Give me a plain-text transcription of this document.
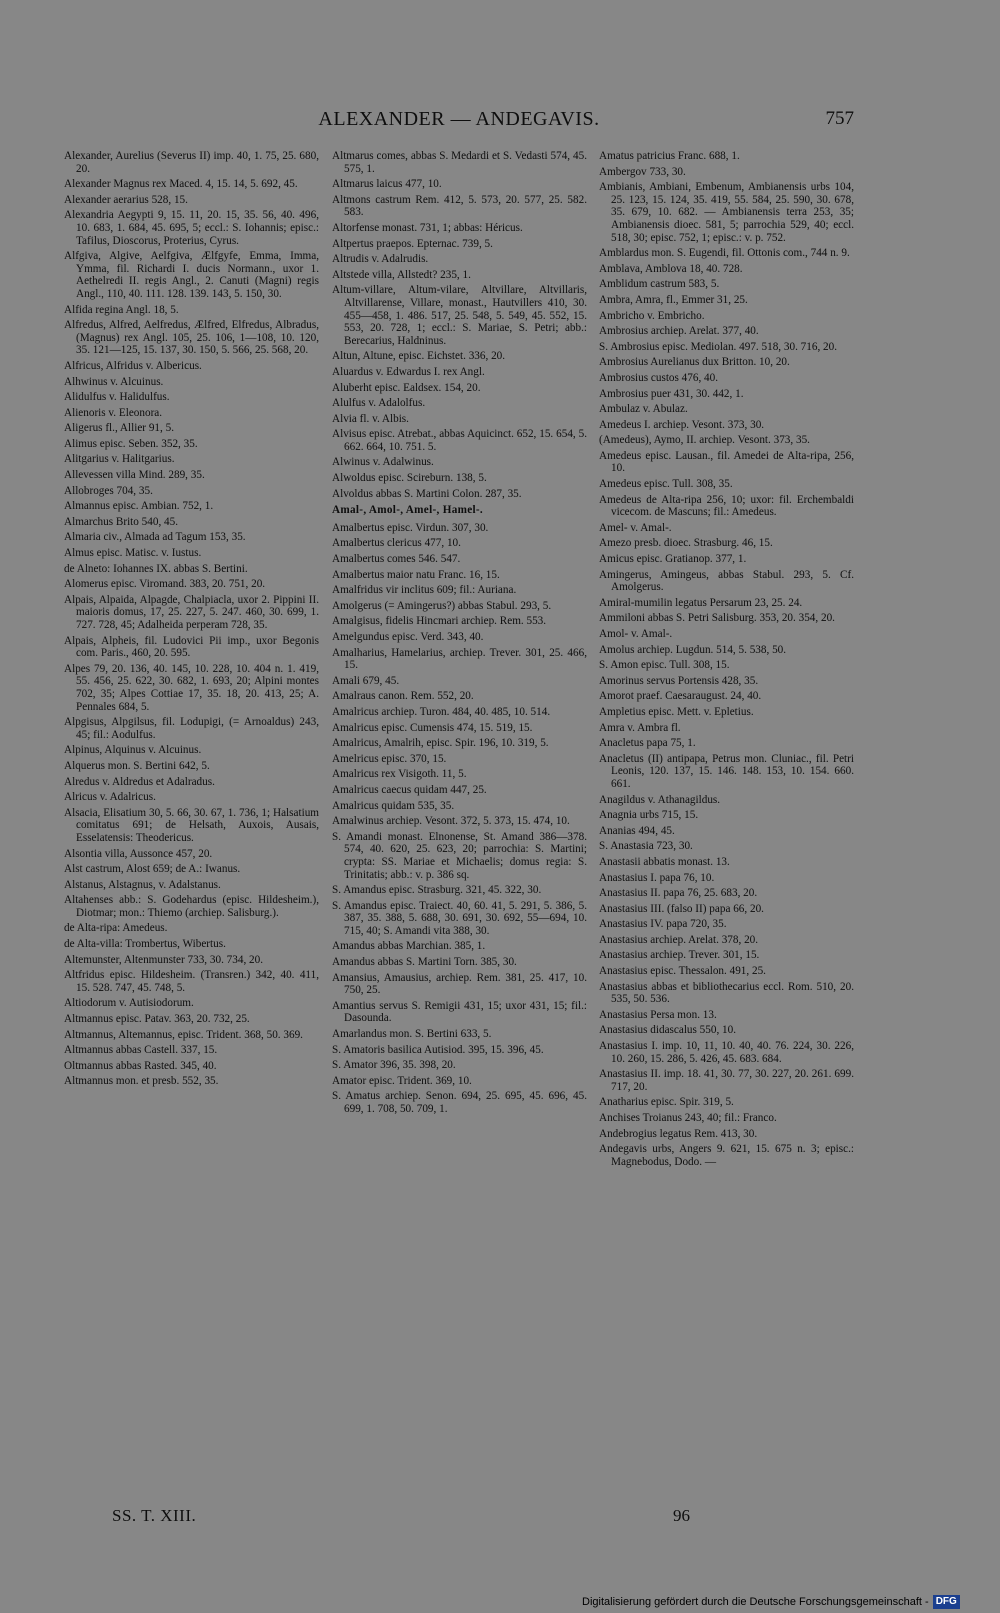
ALEXANDER — ANDEGAVIS.	757
Alexander, Aurelius (Severus II) imp. 40, 1. 75, 25. 680, 20.
Alexander Magnus rex Maced. 4, 15. 14, 5. 692, 45.
Alexander aerarius 528, 15.
Alexandria Aegypti 9, 15. 11, 20. 15, 35. 56, 40. 496, 10. 683, 1. 684, 45. 695, 5; eccl.: S. Iohannis; episc.: Tafilus, Dioscorus, Proterius, Cyrus.
Alfgiva, Algive, Aelfgiva, Ælfgyfe, Emma, Imma, Ymma, fil. Richardi I. ducis Normann., uxor 1. Aethelredi II. regis Angl., 2. Canuti (Magni) regis Angl., 110, 40. 111. 128. 139. 143, 5. 150, 30.
Alfida regina Angl. 18, 5.
Alfredus, Alfred, Aelfredus, Ælfred, Elfredus, Albradus, (Magnus) rex Angl. 105, 25. 106, 1—108, 10. 120, 35. 121—125, 15. 137, 30. 150, 5. 566, 25. 568, 20.
Alfricus, Alfridus v. Albericus.
Alhwinus v. Alcuinus.
Alidulfus v. Halidulfus.
Alienoris v. Eleonora.
Aligerus fl., Allier 91, 5.
Alimus episc. Seben. 352, 35.
Alitgarius v. Halitgarius.
Allevessen villa Mind. 289, 35.
Allobroges 704, 35.
Almannus episc. Ambian. 752, 1.
Almarchus Brito 540, 45.
Almaria civ., Almada ad Tagum 153, 35.
Almus episc. Matisc. v. Iustus.
de Alneto: Iohannes IX. abbas S. Bertini.
Alomerus episc. Viromand. 383, 20. 751, 20.
Alpais, Alpaida, Alpagde, Chalpiacla, uxor 2. Pippini II. maioris domus, 17, 25. 227, 5. 247. 460, 30. 699, 1. 727. 728, 45; Adalheida perperam 728, 35.
Alpais, Alpheis, fil. Ludovici Pii imp., uxor Begonis com. Paris., 460, 20. 595.
Alpes 79, 20. 136, 40. 145, 10. 228, 10. 404 n. 1. 419, 55. 456, 25. 622, 30. 682, 1. 693, 20; Alpini montes 702, 35; Alpes Cottiae 17, 35. 18, 20. 413, 25; A. Pennales 684, 5.
Alpgisus, Alpgilsus, fil. Lodupigi, (= Arnoaldus) 243, 45; fil.: Aodulfus.
Alpinus, Alquinus v. Alcuinus.
Alquerus mon. S. Bertini 642, 5.
Alredus v. Aldredus et Adalradus.
Alricus v. Adalricus.
Alsacia, Elisatium 30, 5. 66, 30. 67, 1. 736, 1; Halsatium comitatus 691; de Helsath, Auxois, Ausais, Esselatensis: Theodericus.
Alsontia villa, Aussonce 457, 20.
Alst castrum, Alost 659; de A.: Iwanus.
Alstanus, Alstagnus, v. Adalstanus.
Altahenses abb.: S. Godehardus (episc. Hildesheim.), Diotmar; mon.: Thiemo (archiep. Salisburg.).
de Alta-ripa: Amedeus.
de Alta-villa: Trombertus, Wibertus.
Altemunster, Altenmunster 733, 30. 734, 20.
Altfridus episc. Hildesheim. (Transren.) 342, 40. 411, 15. 528. 747, 45. 748, 5.
Altiodorum v. Autisiodorum.
Altmannus episc. Patav. 363, 20. 732, 25.
Altmannus, Altemannus, episc. Trident. 368, 50. 369.
Altmannus abbas Castell. 337, 15.
Oltmannus abbas Rasted. 345, 40.
Altmannus mon. et presb. 552, 35.
Altmarus comes, abbas S. Medardi et S. Vedasti 574, 45. 575, 1.
Altmarus laicus 477, 10.
Altmons castrum Rem. 412, 5. 573, 20. 577, 25. 582. 583.
Altorfense monast. 731, 1; abbas: Héricus.
Altpertus praepos. Epternac. 739, 5.
Altrudis v. Adalrudis.
Altstede villa, Allstedt? 235, 1.
Altum-villare, Altum-vilare, Altvillare, Altvillaris, Altvillarense, Villare, monast., Hautvillers 410, 30. 455—458, 1. 486. 517, 25. 548, 5. 549, 45. 552, 15. 553, 20. 728, 1; eccl.: S. Mariae, S. Petri; abb.: Berecarius, Haldninus.
Altun, Altune, episc. Eichstet. 336, 20.
Aluardus v. Edwardus I. rex Angl.
Aluberht episc. Ealdsex. 154, 20.
Alulfus v. Adalolfus.
Alvia fl. v. Albis.
Alvisus episc. Atrebat., abbas Aquicinct. 652, 15. 654, 5. 662. 664, 10. 751. 5.
Alwinus v. Adalwinus.
Alwoldus episc. Scireburn. 138, 5.
Alvoldus abbas S. Martini Colon. 287, 35.
Amal-, Amol-, Amel-, Hamel-.
Amalbertus episc. Virdun. 307, 30.
Amalbertus clericus 477, 10.
Amalbertus comes 546. 547.
Amalbertus maior natu Franc. 16, 15.
Amalfridus vir inclitus 609; fil.: Auriana.
Amolgerus (= Amingerus?) abbas Stabul. 293, 5.
Amalgisus, fidelis Hincmari archiep. Rem. 553.
Amelgundus episc. Verd. 343, 40.
Amalharius, Hamelarius, archiep. Trever. 301, 25. 466, 15.
Amali 679, 45.
Amalraus canon. Rem. 552, 20.
Amalricus archiep. Turon. 484, 40. 485, 10. 514.
Amalricus episc. Cumensis 474, 15. 519, 15.
Amalricus, Amalrih, episc. Spir. 196, 10. 319, 5.
Amelricus episc. 370, 15.
Amalricus rex Visigoth. 11, 5.
Amalricus caecus quidam 447, 25.
Amalricus quidam 535, 35.
Amalwinus archiep. Vesont. 372, 5. 373, 15. 474, 10.
S. Amandi monast. Elnonense, St. Amand 386—378. 574, 40. 620, 25. 623, 20; parrochia: S. Martini; crypta: SS. Mariae et Michaelis; domus regia: S. Trinitatis; abb.: v. p. 386 sq.
S. Amandus episc. Strasburg. 321, 45. 322, 30.
S. Amandus episc. Traiect. 40, 60. 41, 5. 291, 5. 386, 5. 387, 35. 388, 5. 688, 30. 691, 30. 692, 55—694, 10. 715, 40; S. Amandi vita 388, 30.
Amandus abbas Marchian. 385, 1.
Amandus abbas S. Martini Torn. 385, 30.
Amansius, Amausius, archiep. Rem. 381, 25. 417, 10. 750, 25.
Amantius servus S. Remigii 431, 15; uxor 431, 15; fil.: Dasounda.
Amarlandus mon. S. Bertini 633, 5.
S. Amatoris basilica Autisiod. 395, 15. 396, 45.
S. Amator 396, 35. 398, 20.
Amator episc. Trident. 369, 10.
S. Amatus archiep. Senon. 694, 25. 695, 45. 696, 45. 699, 1. 708, 50. 709, 1.
Amatus patricius Franc. 688, 1.
Ambergov 733, 30.
Ambianis, Ambiani, Embenum, Ambianensis urbs 104, 25. 123, 15. 124, 35. 419, 55. 584, 25. 590, 30. 678, 35. 679, 10. 682. — Ambianensis terra 253, 35; Ambianensis dioec. 581, 5; parrochia 529, 40; eccl. 518, 30; episc. 752, 1; episc.: v. p. 752.
Amblardus mon. S. Eugendi, fil. Ottonis com., 744 n. 9.
Amblava, Amblova 18, 40. 728.
Amblidum castrum 583, 5.
Ambra, Amra, fl., Emmer 31, 25.
Ambricho v. Embricho.
Ambrosius archiep. Arelat. 377, 40.
S. Ambrosius episc. Mediolan. 497. 518, 30. 716, 20.
Ambrosius Aurelianus dux Britton. 10, 20.
Ambrosius custos 476, 40.
Ambrosius puer 431, 30. 442, 1.
Ambulaz v. Abulaz.
Amedeus I. archiep. Vesont. 373, 30.
(Amedeus), Aymo, II. archiep. Vesont. 373, 35.
Amedeus episc. Lausan., fil. Amedei de Alta-ripa, 256, 10.
Amedeus episc. Tull. 308, 35.
Amedeus de Alta-ripa 256, 10; uxor: fil. Erchembaldi vicecom. de Mascuns; fil.: Amedeus.
Amel- v. Amal-.
Amezo presb. dioec. Strasburg. 46, 15.
Amicus episc. Gratianop. 377, 1.
Amingerus, Amingeus, abbas Stabul. 293, 5. Cf. Amolgerus.
Amiral-mumilin legatus Persarum 23, 25. 24.
Ammiloni abbas S. Petri Salisburg. 353, 20. 354, 20.
Amol- v. Amal-.
Amolus archiep. Lugdun. 514, 5. 538, 50.
S. Amon episc. Tull. 308, 15.
Amorinus servus Portensis 428, 35.
Amorot praef. Caesaraugust. 24, 40.
Ampletius episc. Mett. v. Epletius.
Amra v. Ambra fl.
Anacletus papa 75, 1.
Anacletus (II) antipapa, Petrus mon. Cluniac., fil. Petri Leonis, 120. 137, 15. 146. 148. 153, 10. 154. 660. 661.
Anagildus v. Athanagildus.
Anagnia urbs 715, 15.
Ananias 494, 45.
S. Anastasia 723, 30.
Anastasii abbatis monast. 13.
Anastasius I. papa 76, 10.
Anastasius II. papa 76, 25. 683, 20.
Anastasius III. (falso II) papa 66, 20.
Anastasius IV. papa 720, 35.
Anastasius archiep. Arelat. 378, 20.
Anastasius archiep. Trever. 301, 15.
Anastasius episc. Thessalon. 491, 25.
Anastasius abbas et bibliothecarius eccl. Rom. 510, 20. 535, 50. 536.
Anastasius Persa mon. 13.
Anastasius didascalus 550, 10.
Anastasius I. imp. 10, 11, 10. 40, 40. 76. 224, 30. 226, 10. 260, 15. 286, 5. 426, 45. 683. 684.
Anastasius II. imp. 18. 41, 30. 77, 30. 227, 20. 261. 699. 717, 20.
Anatharius episc. Spir. 319, 5.
Anchises Troianus 243, 40; fil.: Franco.
Andebrogius legatus Rem. 413, 30.
Andegavis urbs, Angers 9. 621, 15. 675 n. 3; episc.: Magnebodus, Dodo. —
SS. T. XIII.	96
Digitalisierung gefördert durch die Deutsche Forschungsgemeinschaft - DFG
